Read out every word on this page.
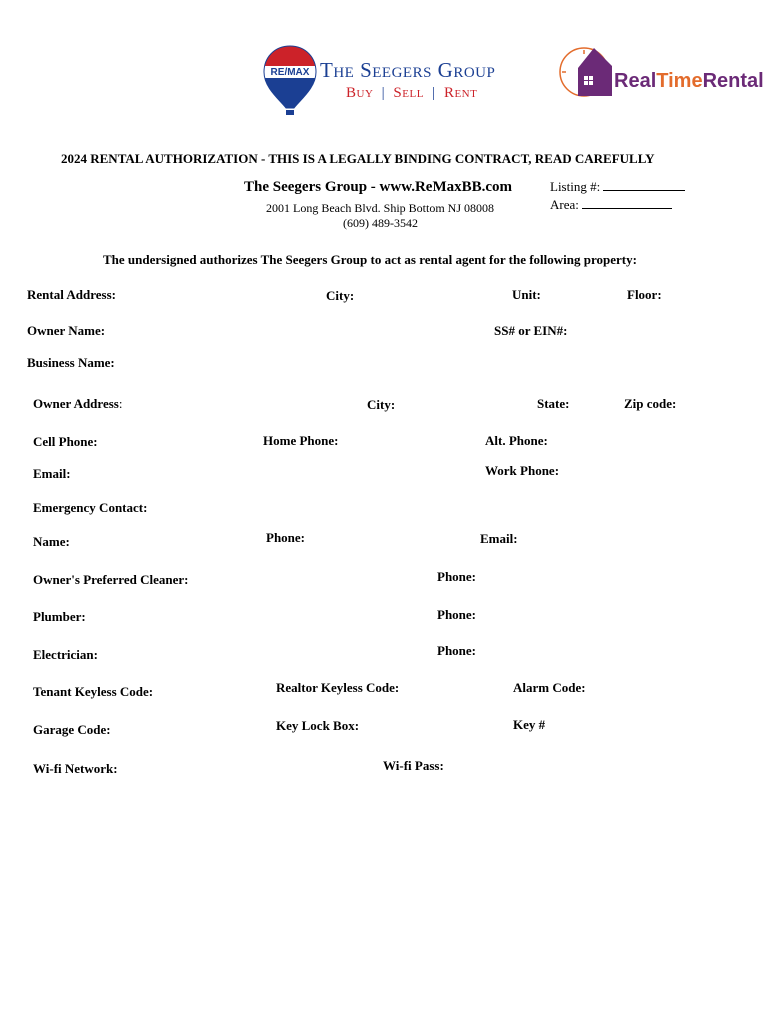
RE/MAX The Seegers Group
Buy | Sell | Rent
RealTimeRental
2024 RENTAL AUTHORIZATION - THIS IS A LEGALLY BINDING CONTRACT, READ CAREFULLY
The Seegers Group - www.ReMaxBB.com
2001 Long Beach Blvd. Ship Bottom NJ 08008
(609) 489-3542
Listing #:
Area:
The undersigned authorizes The Seegers Group to act as rental agent for the following property:
Rental Address:	City:	Unit:	Floor:
Owner Name:	SS# or EIN#:
Business Name:
Owner Address:	City:	State:	Zip code:
Cell Phone:	Home Phone:	Alt. Phone:
Email:	Work Phone:
Emergency Contact:
Name:	Phone:	Email:
Owner's Preferred Cleaner:	Phone:
Plumber:	Phone:
Electrician:	Phone:
Tenant Keyless Code:	Realtor Keyless Code:	Alarm Code:
Garage Code:	Key Lock Box:	Key #
Wi-fi Network:	Wi-fi Pass:
